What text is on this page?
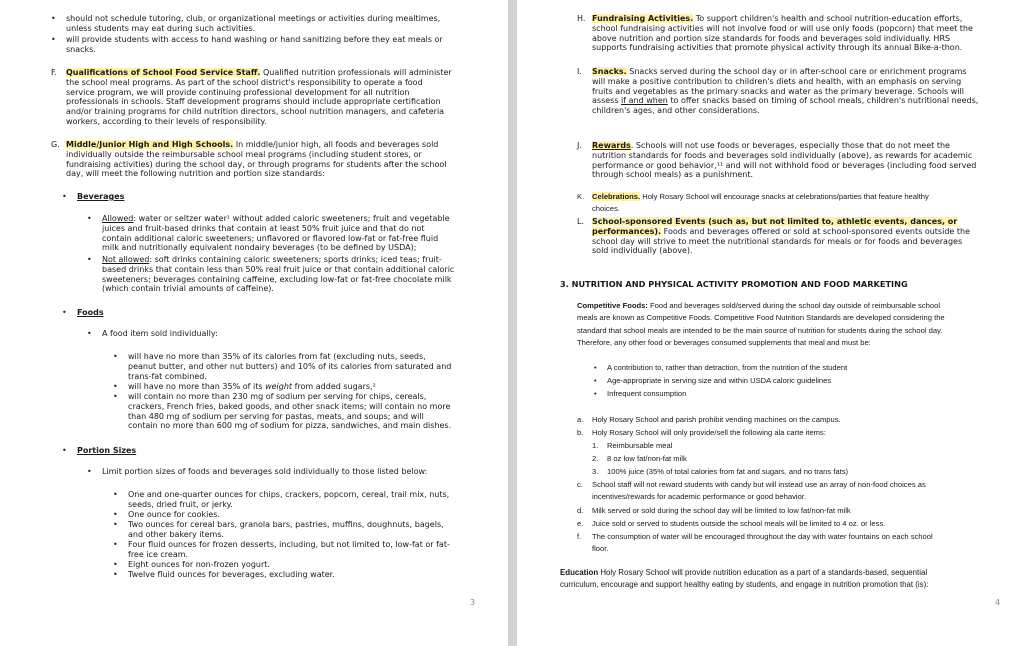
•
should not schedule tutoring, club, or organizational meetings or activities during mealtimes,
unless students may eat during such activities.
•
will provide students with access to hand washing or hand sanitizing before they eat meals or
snacks.
F. Qualifications of School Food Service Staff. Qualified nutrition professionals will administer
the school meal programs. As part of the school district's responsibility to operate a food
service program, we will provide continuing professional development for all nutrition
professionals in schools. Staff development programs should include appropriate certification
and/or training programs for child nutrition directors, school nutrition managers, and cafeteria
workers, according to their levels of responsibility.
G. Middle/Junior High and High Schools. In middle/junior high, all foods and beverages sold
individually outside the reimbursable school meal programs (including student stores, or
fundraising activities) during the school day, or through programs for students after the school
day, will meet the following nutrition and portion size standards:
•
Beverages
•
Allowed: water or seltzer water¹ without added caloric sweeteners; fruit and vegetable
juices and fruit-based drinks that contain at least 50% fruit juice and that do not
contain additional caloric sweeteners; unflavored or flavored low-fat or fat-free fluid
milk and nutritionally equivalent nondairy beverages (to be defined by USDA);
•
Not allowed: soft drinks containing caloric sweeteners; sports drinks; iced teas; fruit-
based drinks that contain less than 50% real fruit juice or that contain additional caloric
sweeteners; beverages containing caffeine, excluding low-fat or fat-free chocolate milk
(which contain trivial amounts of caffeine).
•
Foods
•
A food item sold individually:
•
will have no more than 35% of its calories from fat (excluding nuts, seeds,
peanut butter, and other nut butters) and 10% of its calories from saturated and
trans-fat combined.
•
will have no more than 35% of its weight from added sugars,²
•
will contain no more than 230 mg of sodium per serving for chips, cereals,
crackers, French fries, baked goods, and other snack items; will contain no more
than 480 mg of sodium per serving for pastas, meats, and soups; and will
contain no more than 600 mg of sodium for pizza, sandwiches, and main dishes.
•
Portion Sizes
•
Limit portion sizes of foods and beverages sold individually to those listed below:
•
One and one-quarter ounces for chips, crackers, popcorn, cereal, trail mix, nuts,
seeds, dried fruit, or jerky.
•
One ounce for cookies.
•
Two ounces for cereal bars, granola bars, pastries, muffins, doughnuts, bagels,
and other bakery items.
•
Four fluid ounces for frozen desserts, including, but not limited to, low-fat or fat-
free ice cream.
•
Eight ounces for non-frozen yogurt.
•
Twelve fluid ounces for beverages, excluding water.
3
H. Fundraising Activities. To support children's health and school nutrition-education efforts,
school fundraising activities will not involve food or will use only foods (popcorn) that meet the
above nutrition and portion size standards for foods and beverages sold individually. HRS
supports fundraising activities that promote physical activity through its annual Bike-a-thon.
I. Snacks. Snacks served during the school day or in after-school care or enrichment programs
will make a positive contribution to children's diets and health, with an emphasis on serving
fruits and vegetables as the primary snacks and water as the primary beverage. Schools will
assess if and when to offer snacks based on timing of school meals, children's nutritional needs,
children's ages, and other considerations.
J. Rewards. Schools will not use foods or beverages, especially those that do not meet the
nutrition standards for foods and beverages sold individually (above), as rewards for academic
performance or good behavior,¹¹ and will not withhold food or beverages (including food served
through school meals) as a punishment.
K. Celebrations. Holy Rosary School will encourage snacks at celebrations/parties that feature healthy
choices.
L. School-sponsored Events (such as, but not limited to, athletic events, dances, or
performances). Foods and beverages offered or sold at school-sponsored events outside the
school day will strive to meet the nutritional standards for meals or for foods and beverages
sold individually (above).
3. NUTRITION AND PHYSICAL ACTIVITY PROMOTION AND FOOD MARKETING
Competitive Foods: Food and beverages sold/served during the school day outside of reimbursable school
meals are known as Competitive Foods. Competitive Food Nutrition Standards are developed considering the
standard that school meals are intended to be the main source of nutrition for students during the school day.
Therefore, any other food or beverages consumed supplements that meal and must be:
•
A contribution to, rather than detraction, from the nutrition of the student
•
Age-appropriate in serving size and within USDA caloric guidelines
•
Infrequent consumption
a. Holy Rosary School and parish prohibit vending machines on the campus.
b. Holy Rosary School will only provide/sell the following ala carte items:
1. Reimbursable meal
2. 8 oz low fat/non-fat milk
3. 100% juice (35% of total calories from fat and sugars, and no trans fats)
c. School staff will not reward students with candy but will instead use an array of non-food choices as
incentives/rewards for academic performance or good behavior.
d. Milk served or sold during the school day will be limited to low fat/non-fat milk
e. Juice sold or served to students outside the school meals will be limited to 4 oz. or less.
f. The consumption of water will be encouraged throughout the day with water fountains on each school
floor.
Education Holy Rosary School will provide nutrition education as a part of a standards-based, sequential
curriculum, encourage and support healthy eating by students, and engage in nutrition promotion that (is):
4
